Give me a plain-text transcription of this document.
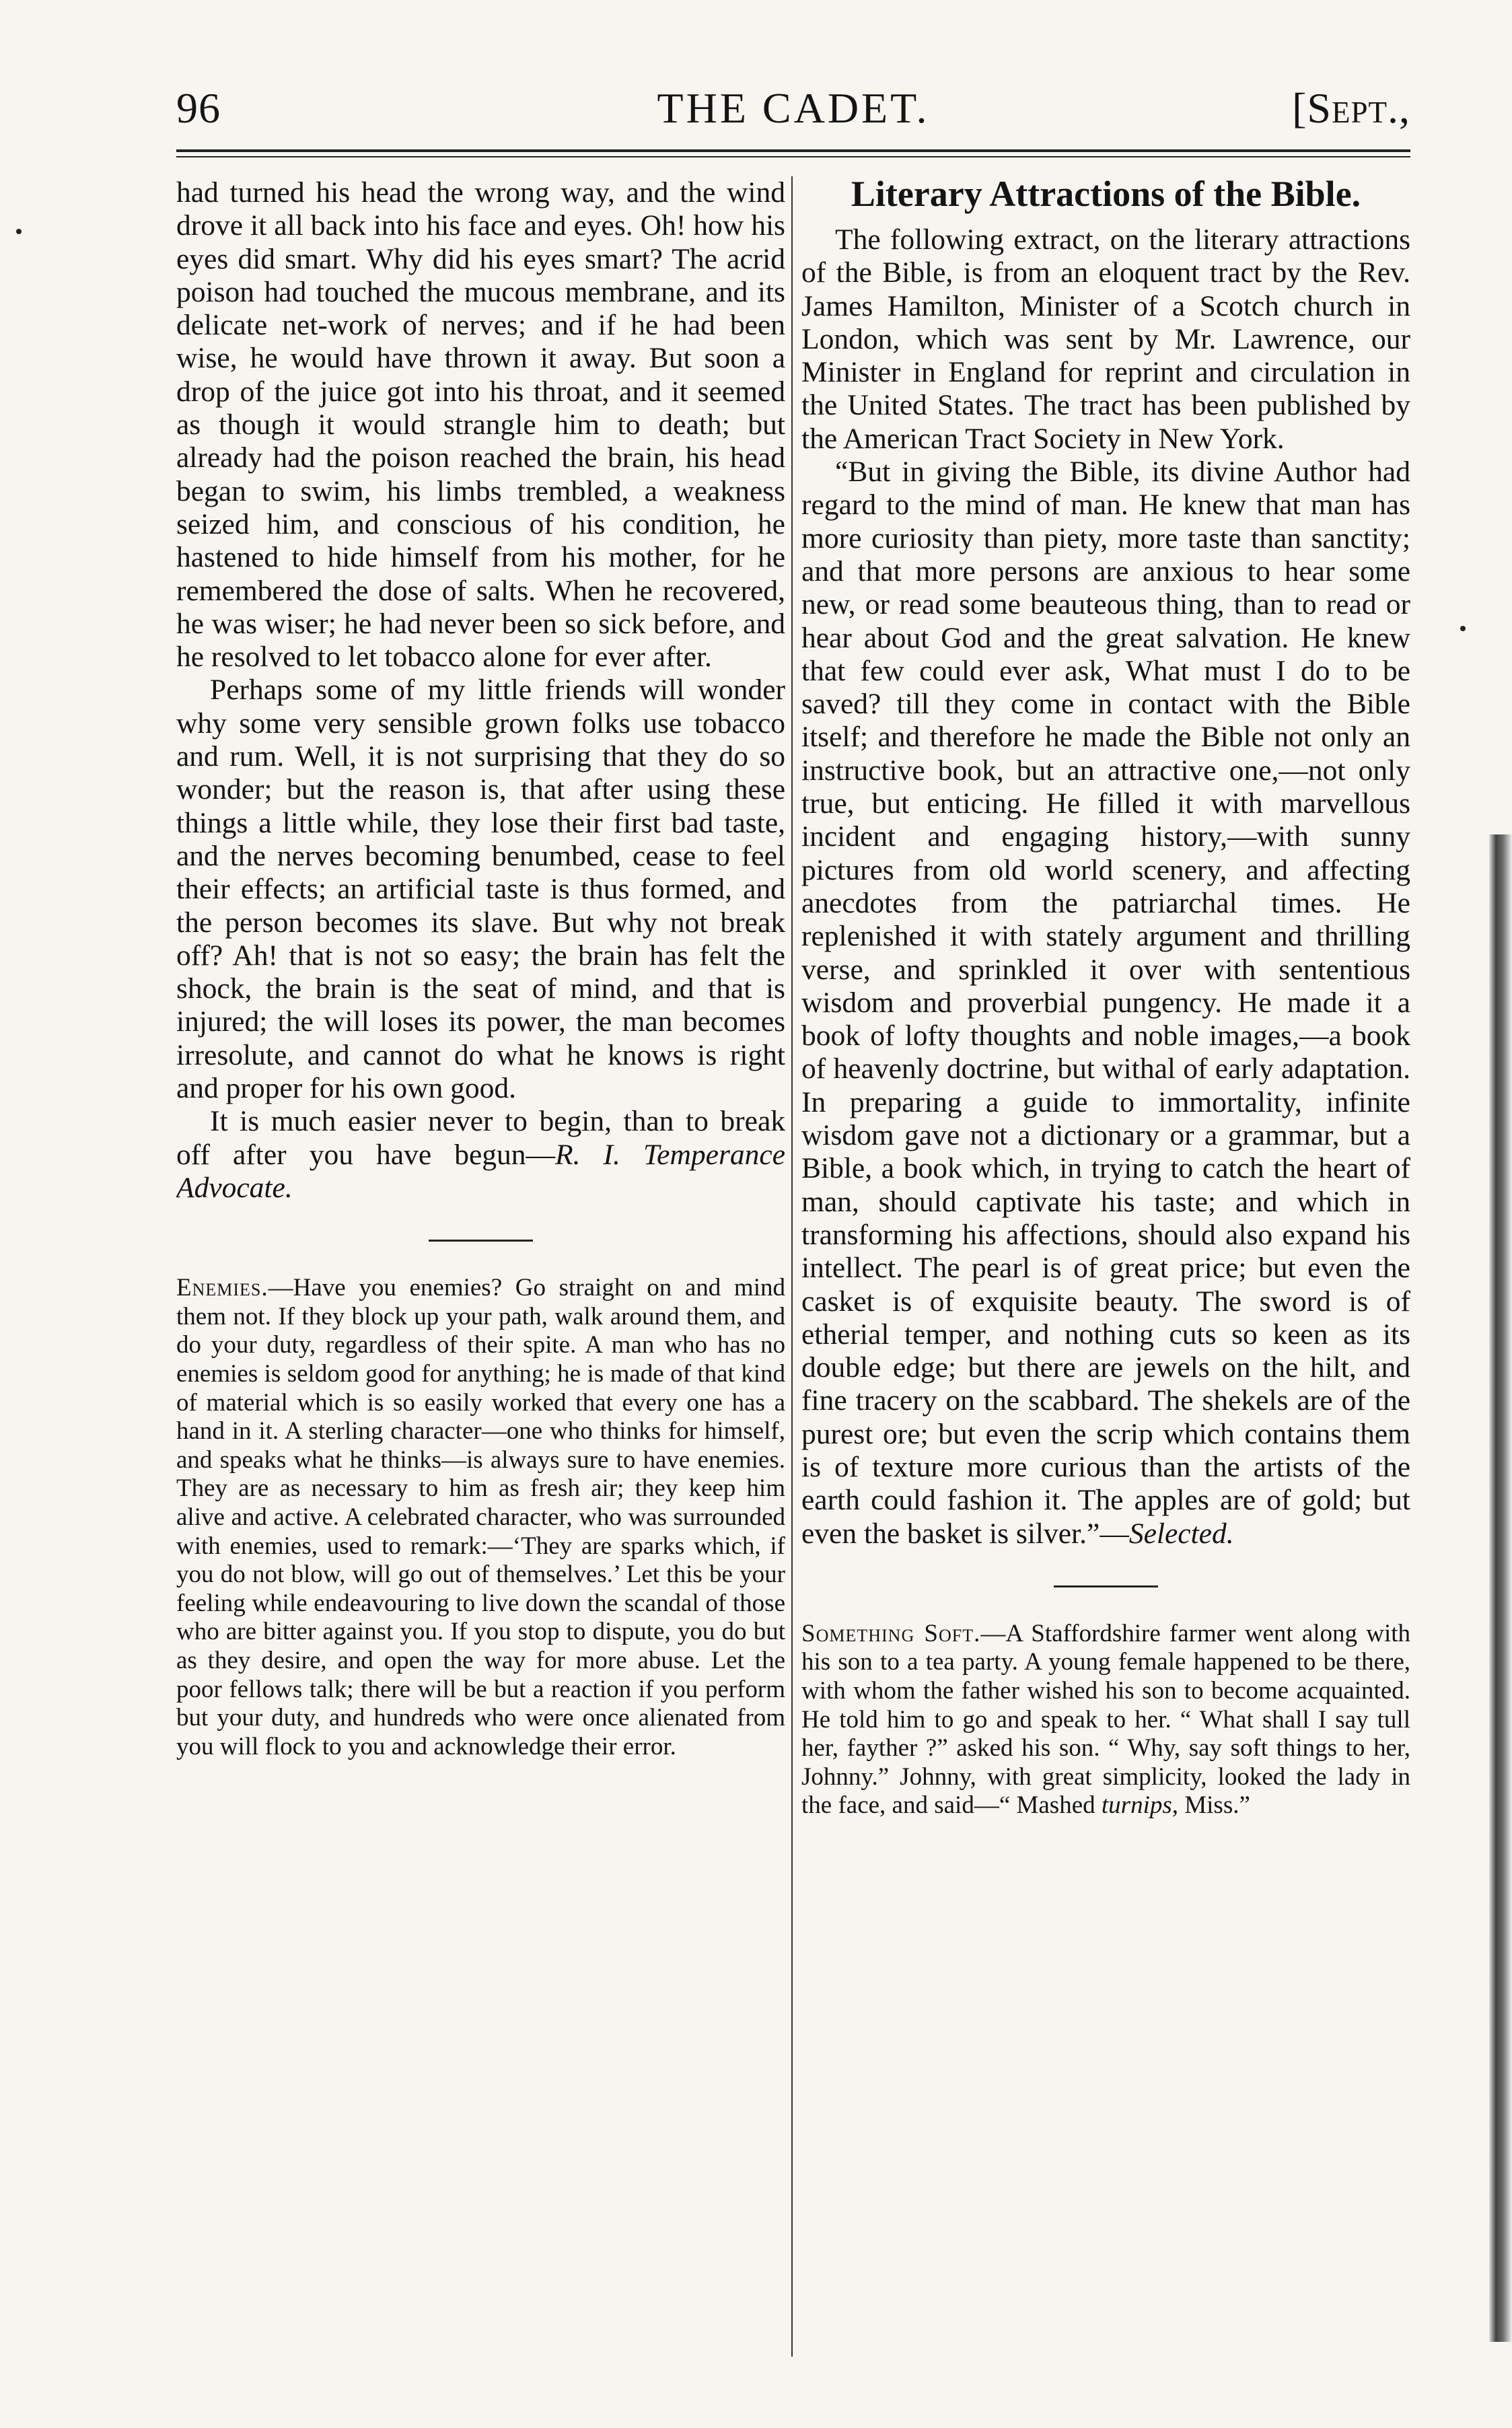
96	THE CADET.	[Sept.,

had turned his head the wrong way, and the wind drove it all back into his face and eyes. Oh! how his eyes did smart. Why did his eyes smart? The acrid poison had touched the mucous membrane, and its delicate net-work of nerves; and if he had been wise, he would have thrown it away. But soon a drop of the juice got into his throat, and it seemed as though it would strangle him to death; but already had the poison reached the brain, his head began to swim, his limbs trembled, a weakness seized him, and conscious of his condition, he hastened to hide himself from his mother, for he remembered the dose of salts. When he recovered, he was wiser; he had never been so sick before, and he resolved to let tobacco alone for ever after.

Perhaps some of my little friends will wonder why some very sensible grown folks use tobacco and rum. Well, it is not surprising that they do so wonder; but the reason is, that after using these things a little while, they lose their first bad taste, and the nerves becoming benumbed, cease to feel their effects; an artificial taste is thus formed, and the person becomes its slave. But why not break off? Ah! that is not so easy; the brain has felt the shock, the brain is the seat of mind, and that is injured; the will loses its power, the man becomes irresolute, and cannot do what he knows is right and proper for his own good.

It is much easier never to begin, than to break off after you have begun—R. I. Temperance Advocate.

Enemies.—Have you enemies? Go straight on and mind them not. If they block up your path, walk around them, and do your duty, regardless of their spite. A man who has no enemies is seldom good for anything; he is made of that kind of material which is so easily worked that every one has a hand in it. A sterling character—one who thinks for himself, and speaks what he thinks—is always sure to have enemies. They are as necessary to him as fresh air; they keep him alive and active. A celebrated character, who was surrounded with enemies, used to remark:—‘They are sparks which, if you do not blow, will go out of themselves.’ Let this be your feeling while endeavouring to live down the scandal of those who are bitter against you. If you stop to dispute, you do but as they desire, and open the way for more abuse. Let the poor fellows talk; there will be but a reaction if you perform but your duty, and hundreds who were once alienated from you will flock to you and acknowledge their error.

Literary Attractions of the Bible.

The following extract, on the literary attractions of the Bible, is from an eloquent tract by the Rev. James Hamilton, Minister of a Scotch church in London, which was sent by Mr. Lawrence, our Minister in England for reprint and circulation in the United States. The tract has been published by the American Tract Society in New York.

“But in giving the Bible, its divine Author had regard to the mind of man. He knew that man has more curiosity than piety, more taste than sanctity; and that more persons are anxious to hear some new, or read some beauteous thing, than to read or hear about God and the great salvation. He knew that few could ever ask, What must I do to be saved? till they come in contact with the Bible itself; and therefore he made the Bible not only an instructive book, but an attractive one,—not only true, but enticing. He filled it with marvellous incident and engaging history,—with sunny pictures from old world scenery, and affecting anecdotes from the patriarchal times. He replenished it with stately argument and thrilling verse, and sprinkled it over with sententious wisdom and proverbial pungency. He made it a book of lofty thoughts and noble images,—a book of heavenly doctrine, but withal of early adaptation. In preparing a guide to immortality, infinite wisdom gave not a dictionary or a grammar, but a Bible, a book which, in trying to catch the heart of man, should captivate his taste; and which in transforming his affections, should also expand his intellect. The pearl is of great price; but even the casket is of exquisite beauty. The sword is of etherial temper, and nothing cuts so keen as its double edge; but there are jewels on the hilt, and fine tracery on the scabbard. The shekels are of the purest ore; but even the scrip which contains them is of texture more curious than the artists of the earth could fashion it. The apples are of gold; but even the basket is silver.”—Selected.

Something Soft.—A Staffordshire farmer went along with his son to a tea party. A young female happened to be there, with whom the father wished his son to become acquainted. He told him to go and speak to her. “ What shall I say tull her, fayther ?” asked his son. “ Why, say soft things to her, Johnny.” Johnny, with great simplicity, looked the lady in the face, and said—“ Mashed turnips, Miss.”
